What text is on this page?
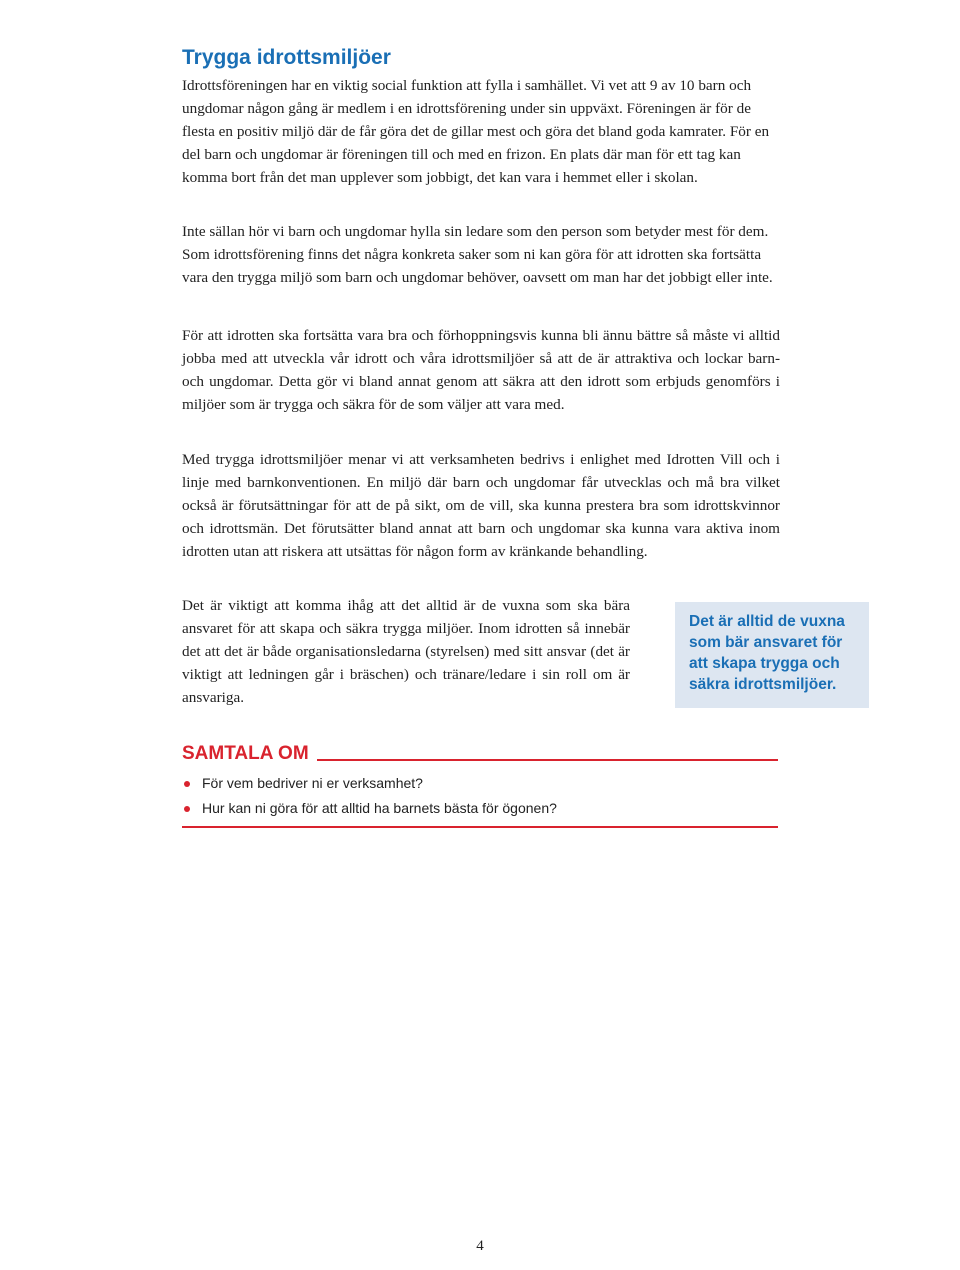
Trygga idrottsmiljöer

Idrottsföreningen har en viktig social funktion att fylla i samhället. Vi vet att 9 av 10 barn och ungdomar någon gång är medlem i en idrottsförening under sin uppväxt. Föreningen är för de flesta en positiv miljö där de får göra det de gillar mest och göra det bland goda kamrater. För en del barn och ungdomar är föreningen till och med en frizon. En plats där man för ett tag kan komma bort från det man upplever som jobbigt, det kan vara i hemmet eller i skolan.

Inte sällan hör vi barn och ungdomar hylla sin ledare som den person som betyder mest för dem. Som idrottsförening finns det några konkreta saker som ni kan göra för att idrotten ska fortsätta vara den trygga miljö som barn och ungdomar behöver, oavsett om man har det jobbigt eller inte.

För att idrotten ska fortsätta vara bra och förhoppningsvis kunna bli ännu bättre så måste vi alltid jobba med att utveckla vår idrott och våra idrottsmiljöer så att de är attraktiva och lockar barn- och ungdomar. Detta gör vi bland annat genom att säkra att den idrott som erbjuds genomförs i miljöer som är trygga och säkra för de som väljer att vara med.

Med trygga idrottsmiljöer menar vi att verksamheten bedrivs i enlighet med Idrotten Vill och i linje med barnkonventionen. En miljö där barn och ungdomar får utvecklas och må bra vilket också är förutsättningar för att de på sikt, om de vill, ska kunna prestera bra som idrottskvinnor och idrottsmän. Det förutsätter bland annat att barn och ungdomar ska kunna vara aktiva inom idrotten utan att riskera att utsättas för någon form av kränkande behandling.

Det är viktigt att komma ihåg att det alltid är de vuxna som ska bära ansvaret för att skapa och säkra trygga miljöer. Inom idrotten så innebär det att det är både organisationsledarna (styrelsen) med sitt ansvar (det är viktigt att ledningen går i bräschen) och tränare/ledare i sin roll om är ansvariga.

Det är alltid de vuxna som bär ansvaret för att skapa trygga och säkra idrottsmiljöer.

SAMTALA OM
För vem bedriver ni er verksamhet?
Hur kan ni göra för att alltid ha barnets bästa för ögonen?
4
